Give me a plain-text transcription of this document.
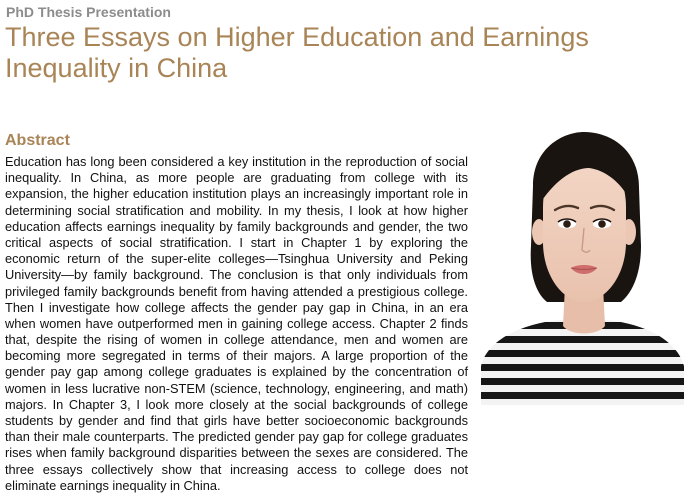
PhD Thesis Presentation
Three Essays on Higher Education and Earnings Inequality in China
Abstract

Education has long been considered a key institution in the reproduction of social inequality. In China, as more people are graduating from college with its expansion, the higher education institution plays an increasingly important role in determining social stratification and mobility. In my thesis, I look at how higher education affects earnings inequality by family backgrounds and gender, the two critical aspects of social stratification. I start in Chapter 1 by exploring the economic return of the super-elite colleges—Tsinghua University and Peking University—by family background. The conclusion is that only individuals from privileged family backgrounds benefit from having attended a prestigious college. Then I investigate how college affects the gender pay gap in China, in an era when women have outperformed men in gaining college access. Chapter 2 finds that, despite the rising of women in college attendance, men and women are becoming more segregated in terms of their majors. A large proportion of the gender pay gap among college graduates is explained by the concentration of women in less lucrative non-STEM (science, technology, engineering, and math) majors. In Chapter 3, I look more closely at the social backgrounds of college students by gender and find that girls have better socioeconomic backgrounds than their male counterparts. The predicted gender pay gap for college graduates rises when family background disparities between the sexes are considered. The three essays collectively show that increasing access to college does not eliminate earnings inequality in China.
